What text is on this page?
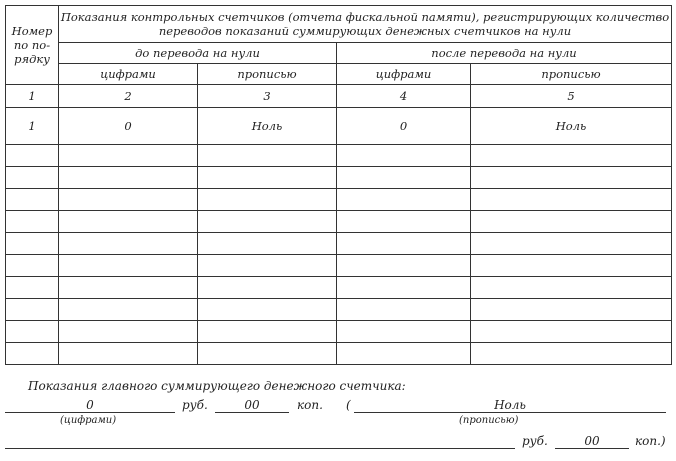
Номер по по-рядку	Показания контрольных счетчиков (отчета фискальной памяти), регистрирующих количество переводов показаний суммирующих денежных счетчиков на нули			
	до перевода на нули		после перевода на нули	
	цифрами	прописью	цифрами	прописью
1	2	3	4	5
1	0	Ноль	0	Ноль

Показания главного суммирующего денежного счетчика:
0	руб.	00	коп. (	Ноль
(цифрами)	(прописью)
руб.	00	коп.)
